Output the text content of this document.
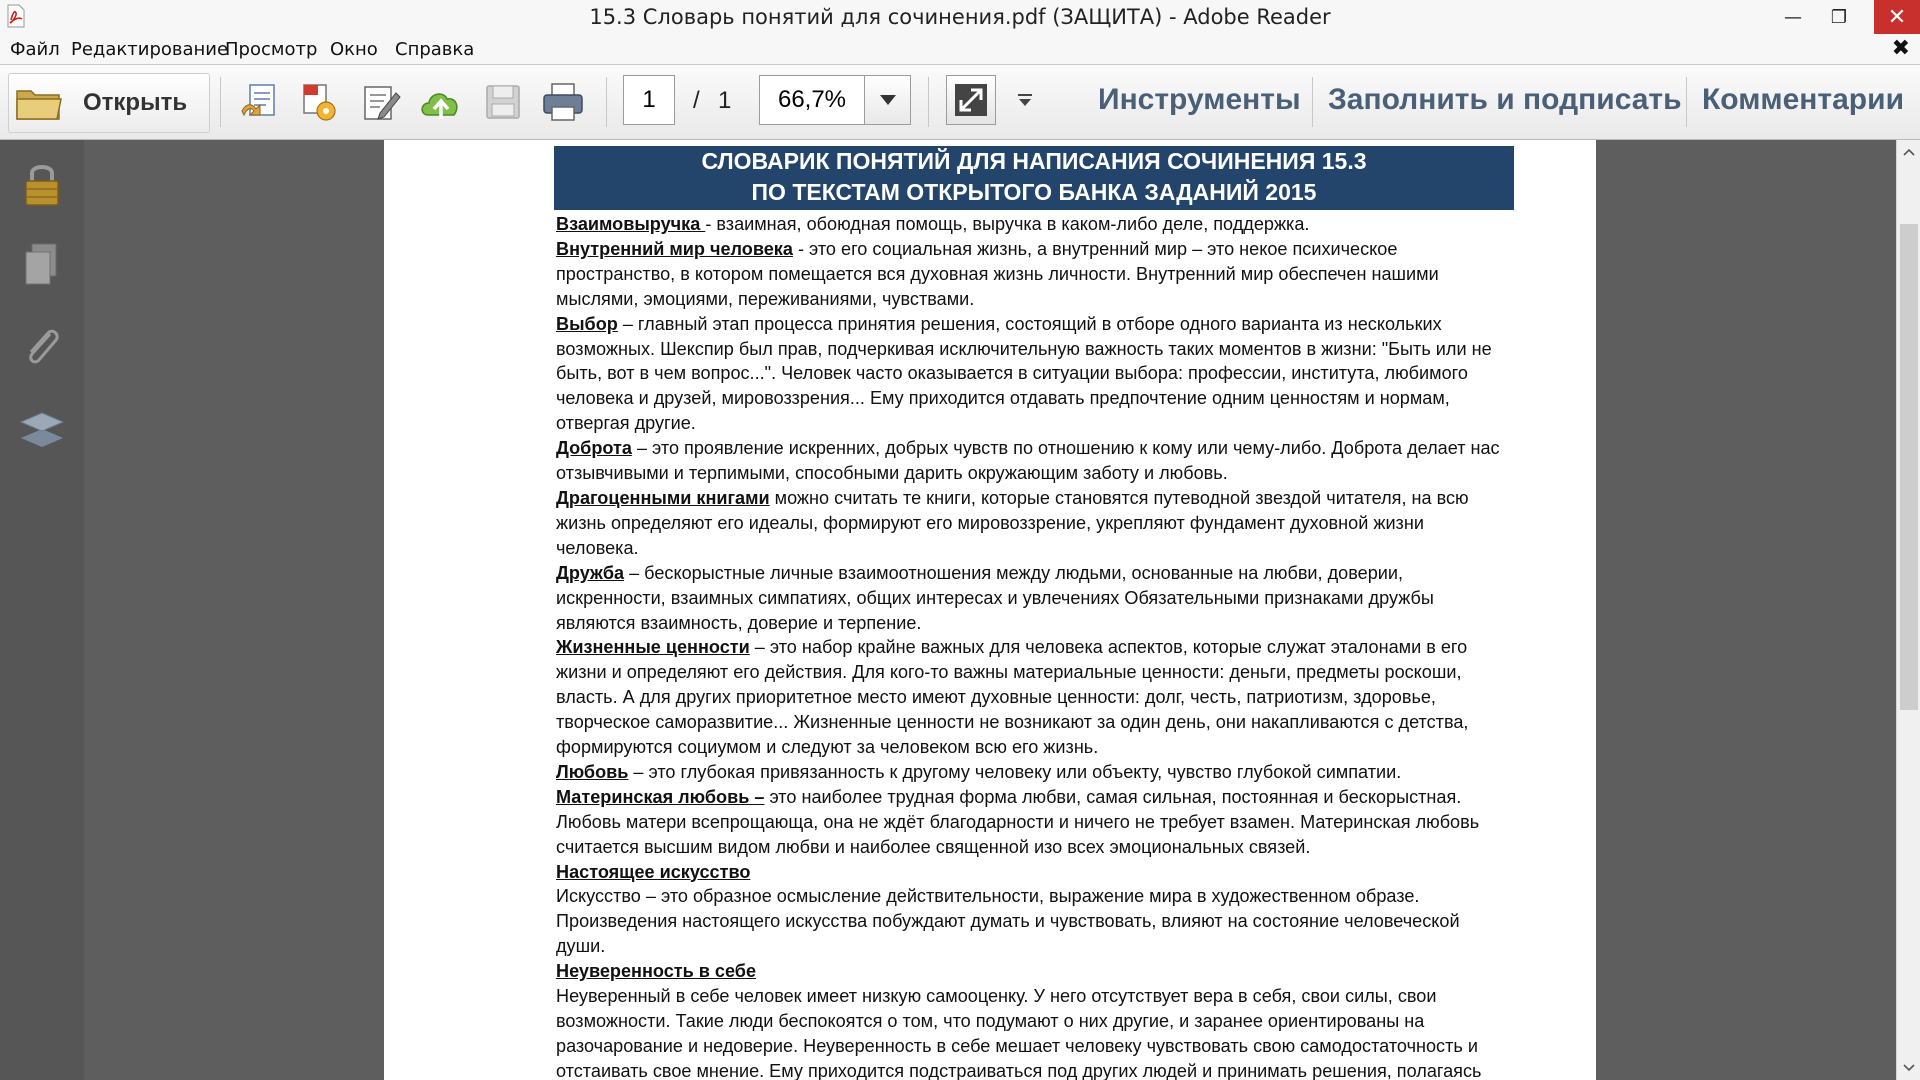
15.3 Словарь понятий для сочинения.pdf (ЗАЩИТА) - Adobe Reader	—	❐	✕
Файл Редактирование
Просмотр Окно Справка	✖
Открыть
1	/ 1
66,7%	Инструменты Заполнить и подписать Комментарии
СЛОВАРИК ПОНЯТИЙ ДЛЯ НАПИСАНИЯ СОЧИНЕНИЯ 15.3
ПО ТЕКСТАМ ОТКРЫТОГО БАНКА ЗАДАНИЙ 2015

Взаимовыручка - взаимная, обоюдная помощь, выручка в каком-либо деле, поддержка.

Внутренний мир человека - это его социальная жизнь, а внутренний мир – это некое психическое пространство, в котором помещается вся духовная жизнь личности. Внутренний мир обеспечен нашими мыслями, эмоциями, переживаниями, чувствами.

Выбор – главный этап процесса принятия решения, состоящий в отборе одного варианта из нескольких возможных. Шекспир был прав, подчеркивая исключительную важность таких моментов в жизни: "Быть или не быть, вот в чем вопрос...". Человек часто оказывается в ситуации выбора: профессии, института, любимого человека и друзей, мировоззрения... Ему приходится отдавать предпочтение одним ценностям и нормам, отвергая другие.

Доброта – это проявление искренних, добрых чувств по отношению к кому или чему-либо. Доброта делает нас отзывчивыми и терпимыми, способными дарить окружающим заботу и любовь.

Драгоценными книгами можно считать те книги, которые становятся путеводной звездой читателя, на всю жизнь определяют его идеалы, формируют его мировоззрение, укрепляют фундамент духовной жизни человека.

Дружба – бескорыстные личные взаимоотношения между людьми, основанные на любви, доверии, искренности, взаимных симпатиях, общих интересах и увлечениях Обязательными признаками дружбы являются взаимность, доверие и терпение.

Жизненные ценности – это набор крайне важных для человека аспектов, которые служат эталонами в его жизни и определяют его действия. Для кого-то важны материальные ценности: деньги, предметы роскоши, власть. А для других приоритетное место имеют духовные ценности: долг, честь, патриотизм, здоровье, творческое саморазвитие... Жизненные ценности не возникают за один день, они накапливаются с детства, формируются социумом и следуют за человеком всю его жизнь.

Любовь – это глубокая привязанность к другому человеку или объекту, чувство глубокой симпатии.

Материнская любовь – это наиболее трудная форма любви, самая сильная, постоянная и бескорыстная. Любовь матери всепрощающа, она не ждёт благодарности и ничего не требует взамен. Материнская любовь считается высшим видом любви и наиболее священной изо всех эмоциональных связей.

Настоящее искусство

Искусство – это образное осмысление действительности, выражение мира в художественном образе. Произведения настоящего искусства побуждают думать и чувствовать, влияют на состояние человеческой души.

Неуверенность в себе

Неуверенный в себе человек имеет низкую самооценку. У него отсутствует вера в себя, свои силы, свои возможности. Такие люди беспокоятся о том, что подумают о них другие, и заранее ориентированы на разочарование и недоверие. Неуверенность в себе мешает человеку чувствовать свою самодостаточность и отстаивать свое мнение. Ему приходится подстраиваться под других людей и принимать решения, полагаясь
